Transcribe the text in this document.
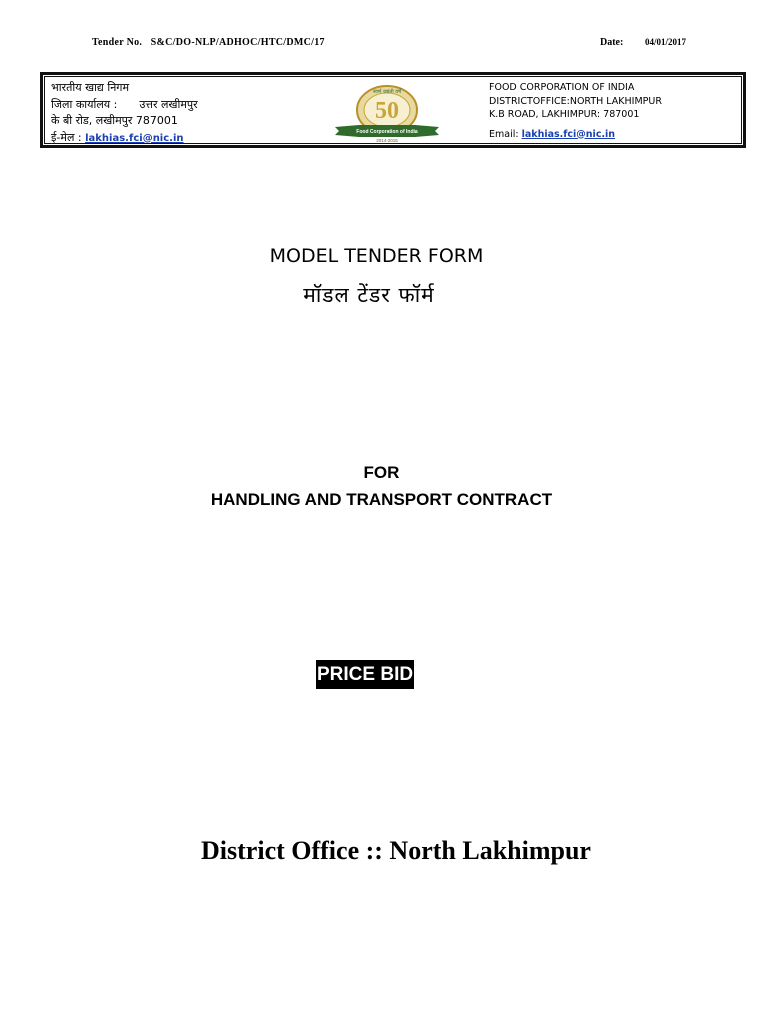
Tender No. S&C/DO-NLP/ADHOC/HTC/DMC/17	Date: 04/01/2017
भारतीय खाद्य निगम
जिला कार्यालय : उत्तर लखीमपुर
के बी रोड, लखीमपुर 787001
ई-मेल : lakhias.fci@nic.in
50
स्वर्ण जयंती वर्ष
Food Corporation of India
2014-2015
FOOD CORPORATION OF INDIA
DISTRICTOFFICE:NORTH LAKHIMPUR
K.B ROAD, LAKHIMPUR: 787001
Email: lakhias.fci@nic.in
MODEL TENDER FORM
मॉडल टेंडर फॉर्म
FOR
HANDLING AND TRANSPORT CONTRACT
PRICE BID
District Office :: North Lakhimpur
